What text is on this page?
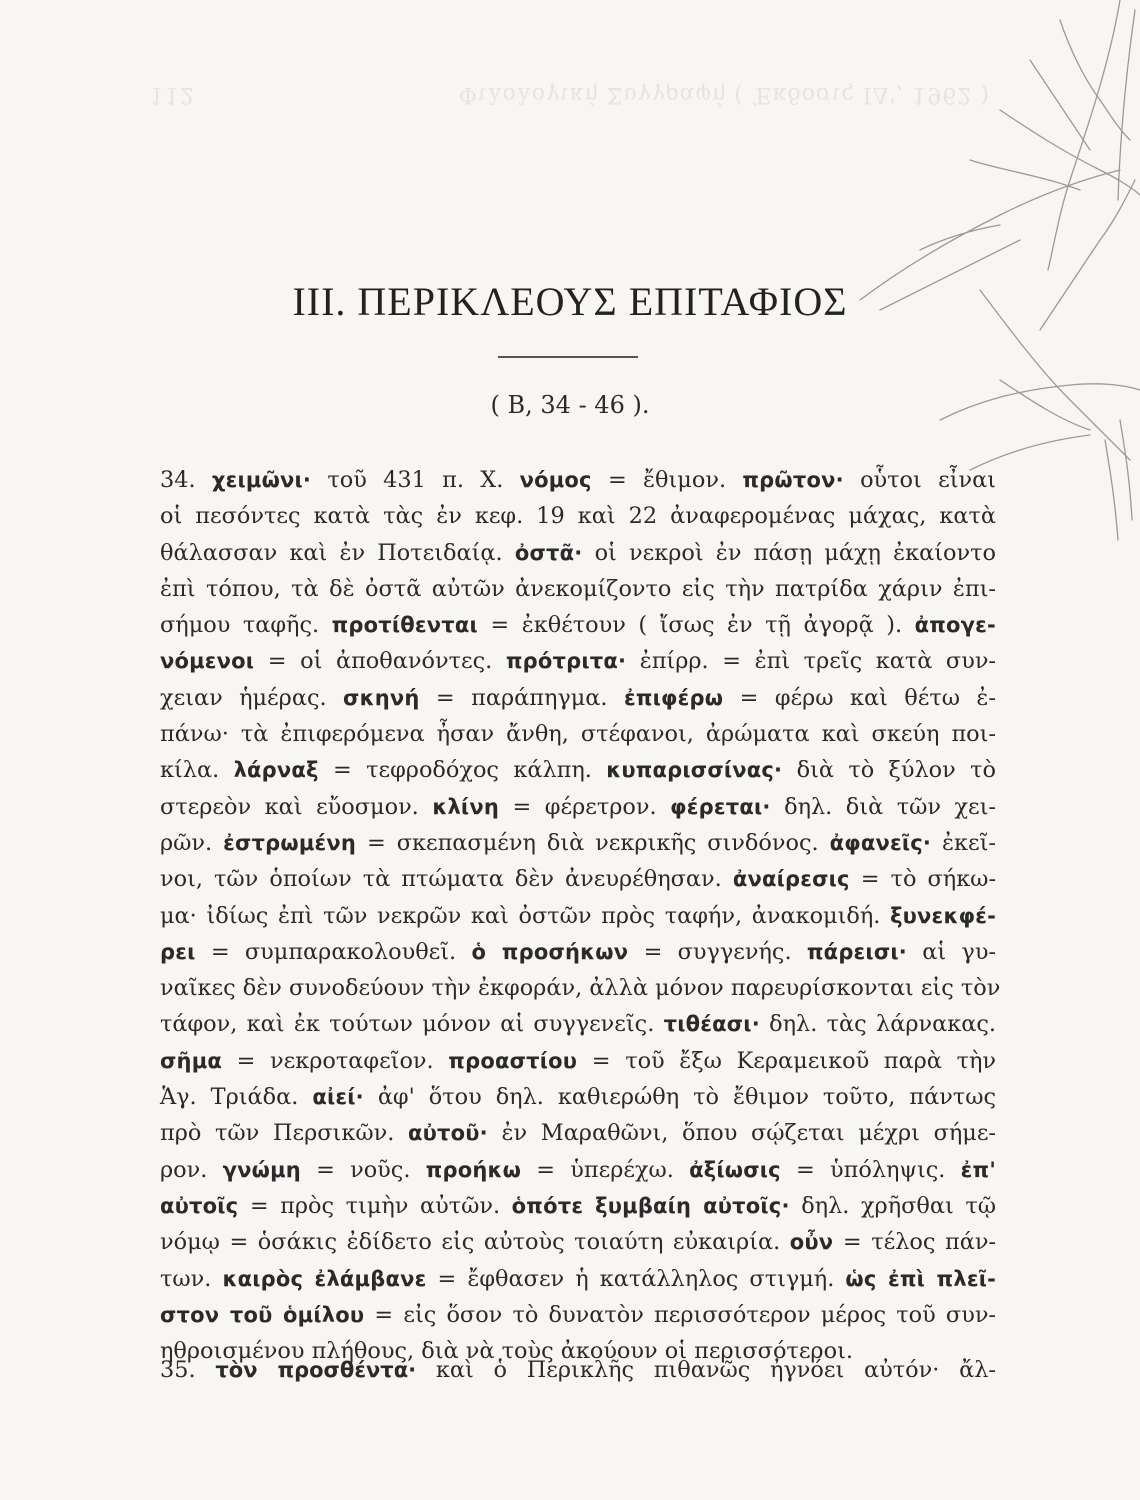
112	Φιλολογική Συγγραφή ( Έκδοσις ΙΔ', 1962 )
III. ΠΕΡΙΚΛΕΟΥΣ ΕΠΙΤΑΦΙΟΣ
( Β, 34 - 46 ).
34. χειμῶνι· τοῦ 431 π. Χ. νόμος = ἔθιμον. πρῶτον· οὗτοι εἶναι
οἱ πεσόντες κατὰ τὰς ἐν κεφ. 19 καὶ 22 ἀναφερομένας μάχας, κατὰ
θάλασσαν καὶ ἐν Ποτειδαίᾳ. ὀστᾶ· οἱ νεκροὶ ἐν πάσῃ μάχῃ ἐκαίοντο
ἐπὶ τόπου, τὰ δὲ ὀστᾶ αὐτῶν ἀνεκομίζοντο εἰς τὴν πατρίδα χάριν ἐπι-
σήμου ταφῆς. προτίθενται = ἐκθέτουν ( ἴσως ἐν τῇ ἀγορᾷ ). ἀπογε-
νόμενοι = οἱ ἀποθανόντες. πρότριτα· ἐπίρρ. = ἐπὶ τρεῖς κατὰ συν-
χειαν ἡμέρας. σκηνή = παράπηγμα. ἐπιφέρω = φέρω καὶ θέτω ἐ-
πάνω· τὰ ἐπιφερόμενα ἦσαν ἄνθη, στέφανοι, ἀρώματα καὶ σκεύη ποι-
κίλα. λάρναξ = τεφροδόχος κάλπη. κυπαρισσίνας· διὰ τὸ ξύλον τὸ
στερεὸν καὶ εὔοσμον. κλίνη = φέρετρον. φέρεται· δηλ. διὰ τῶν χει-
ρῶν. ἐστρωμένη = σκεπασμένη διὰ νεκρικῆς σινδόνος. ἀφανεῖς· ἐκεῖ-
νοι, τῶν ὁποίων τὰ πτώματα δὲν ἀνευρέθησαν. ἀναίρεσις = τὸ σήκω-
μα· ἰδίως ἐπὶ τῶν νεκρῶν καὶ ὀστῶν πρὸς ταφήν, ἀνακομιδή. ξυνεκφέ-
ρει = συμπαρακολουθεῖ. ὁ προσήκων = συγγενής. πάρεισι· αἱ γυ-
ναῖκες δὲν συνοδεύουν τὴν ἐκφοράν, ἀλλὰ μόνον παρευρίσκονται εἰς τὸν
τάφον, καὶ ἐκ τούτων μόνον αἱ συγγενεῖς. τιθέασι· δηλ. τὰς λάρνακας.
σῆμα = νεκροταφεῖον. προαστίου = τοῦ ἔξω Κεραμεικοῦ παρὰ τὴν
Ἁγ. Τριάδα. αἰεί· ἀφ' ὅτου δηλ. καθιερώθη τὸ ἔθιμον τοῦτο, πάντως
πρὸ τῶν Περσικῶν. αὐτοῦ· ἐν Μαραθῶνι, ὅπου σῴζεται μέχρι σήμε-
ρον. γνώμη = νοῦς. προήκω = ὑπερέχω. ἀξίωσις = ὑπόληψις. ἐπ'
αὐτοῖς = πρὸς τιμὴν αὐτῶν. ὁπότε ξυμβαίη αὐτοῖς· δηλ. χρῆσθαι τῷ
νόμῳ = ὁσάκις ἐδίδετο εἰς αὐτοὺς τοιαύτη εὐκαιρία. οὖν = τέλος πάν-
των. καιρὸς ἐλάμβανε = ἔφθασεν ἡ κατάλληλος στιγμή. ὡς ἐπὶ πλεῖ-
στον τοῦ ὁμίλου = εἰς ὅσον τὸ δυνατὸν περισσότερον μέρος τοῦ συν-
ηθροισμένου πλήθους, διὰ νὰ τοὺς ἀκούουν οἱ περισσότεροι.
35. τὸν προσθέντα· καὶ ὁ Περικλῆς πιθανῶς ἠγνόει αὐτόν· ἄλ-
